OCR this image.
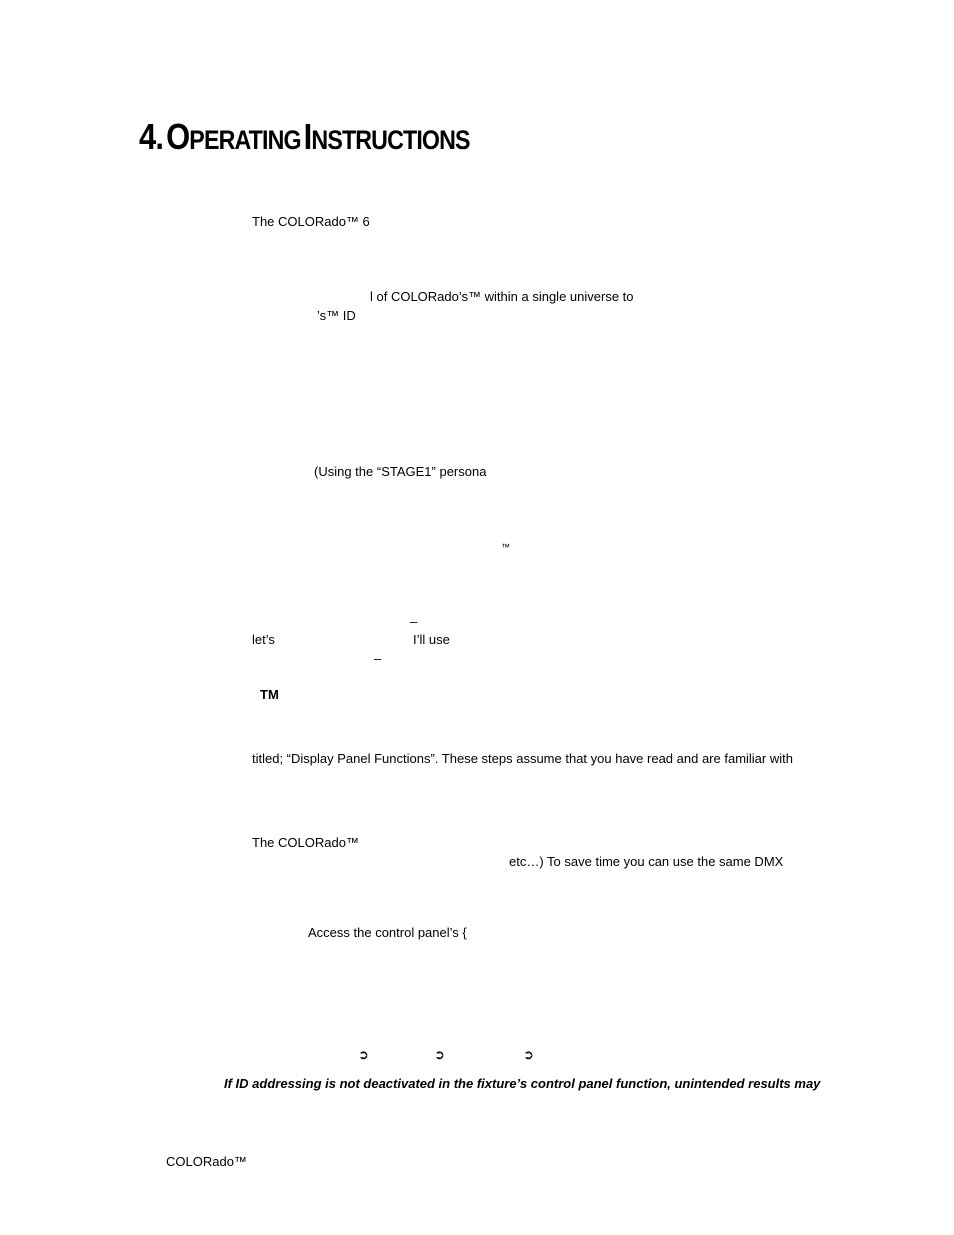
4. OPERATING INSTRUCTIONS
The COLORado™ 6
l of COLORado’s™ within a single universe to
’s™ ID
(Using the “STAGE1” persona
™
–
let’s	I’ll use
–
TM
titled; “Display Panel Functions”. These steps assume that you have read and are familiar with
The COLORado™
etc…) To save time you can use the same DMX
Access the control panel’s {
➲	➲	➲
If ID addressing is not deactivated in the fixture’s control panel function, unintended results may
COLORado™
